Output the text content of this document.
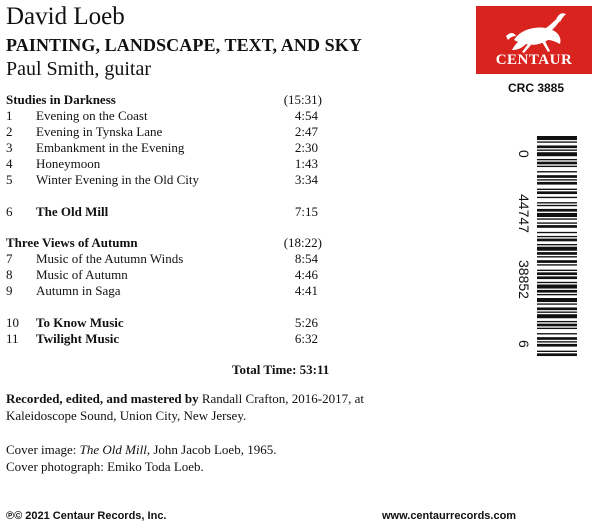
David Loeb
PAINTING, LANDSCAPE, TEXT, AND SKY
Paul Smith, guitar	CENTAUR
CRC 3885
0
44747
38852
6
Studies in Darkness	(15:31)
1 Evening on the Coast	4:54
2 Evening in Tynska Lane	2:47
3 Embankment in the Evening	2:30
4 Honeymoon	1:43
5 Winter Evening in the Old City	3:34
6 The Old Mill	7:15
Three Views of Autumn	(18:22)
7 Music of the Autumn Winds	8:54
8 Music of Autumn	4:46
9 Autumn in Saga	4:41
10 To Know Music	5:26
11 Twilight Music	6:32
Total Time: 53:11
Recorded, edited, and mastered by Randall Crafton, 2016-2017, at Kaleidoscope Sound, Union City, New Jersey.
Cover image: The Old Mill, John Jacob Loeb, 1965.
Cover photograph: Emiko Toda Loeb.
℗© 2021 Centaur Records, Inc.	www.centaurrecords.com
